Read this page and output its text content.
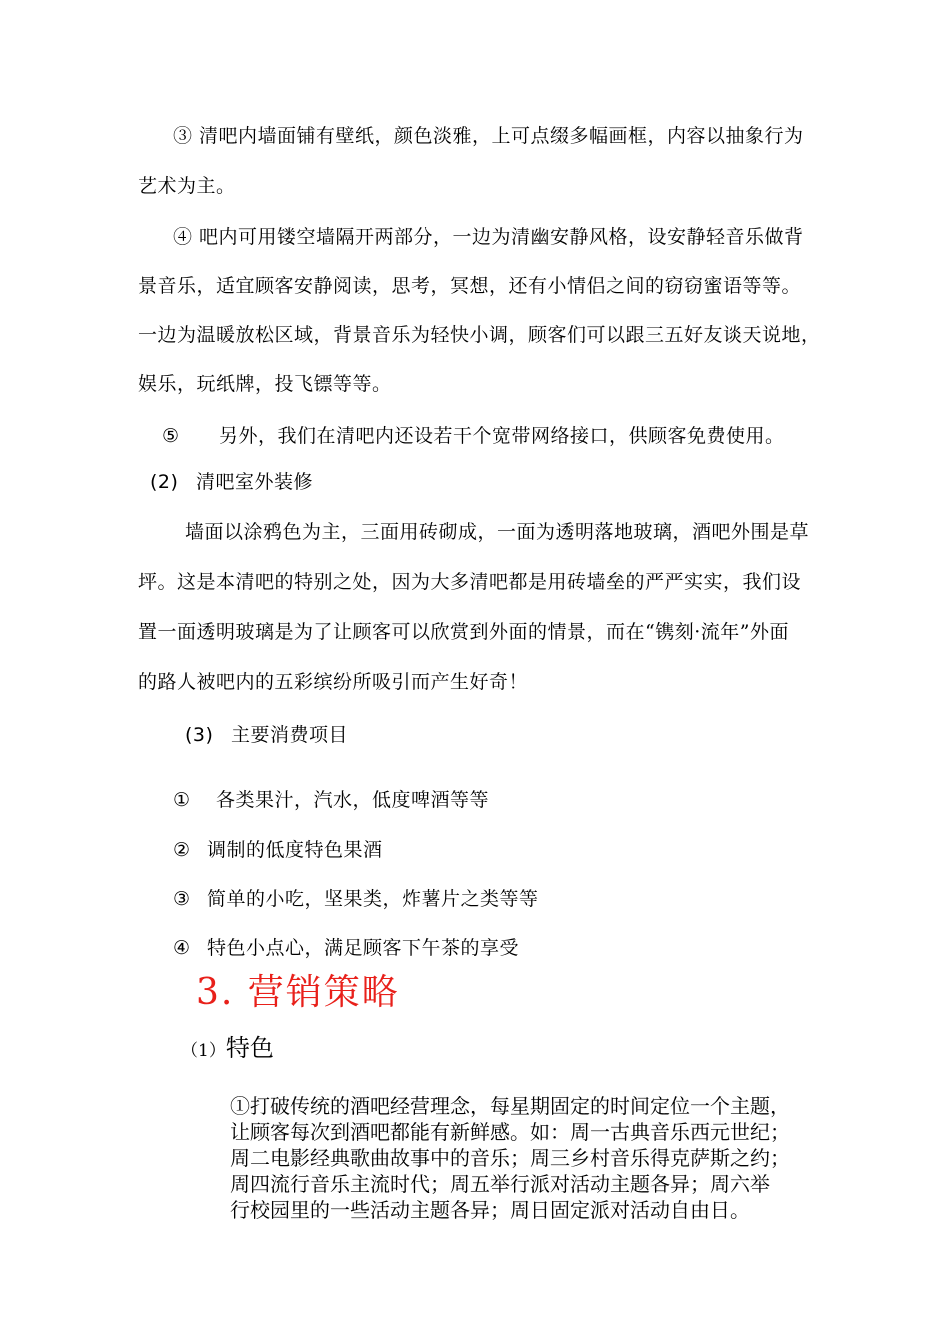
③ 清吧内墙面铺有壁纸，颜色淡雅，上可点缀多幅画框，内容以抽象行为
艺术为主。
④ 吧内可用镂空墙隔开两部分，一边为清幽安静风格，设安静轻音乐做背
景音乐，适宜顾客安静阅读，思考，冥想，还有小情侣之间的窃窃蜜语等等。
一边为温暖放松区域，背景音乐为轻快小调，顾客们可以跟三五好友谈天说地，
娱乐，玩纸牌，投飞镖等等。
⑤ 另外，我们在清吧内还设若干个宽带网络接口，供顾客免费使用。
(2) 清吧室外装修
墙面以涂鸦色为主，三面用砖砌成，一面为透明落地玻璃，酒吧外围是草
坪。这是本清吧的特别之处，因为大多清吧都是用砖墙垒的严严实实，我们设
置一面透明玻璃是为了让顾客可以欣赏到外面的情景，而在“镌刻·流年”外面
的路人被吧内的五彩缤纷所吸引而产生好奇！
(3) 主要消费项目
① 各类果汁，汽水，低度啤酒等等
② 调制的低度特色果酒
③ 简单的小吃，坚果类，炸薯片之类等等
④ 特色小点心，满足顾客下午茶的享受
3. 营销策略
（1）特色
①打破传统的酒吧经营理念，每星期固定的时间定位一个主题，
让顾客每次到酒吧都能有新鲜感。如：周一古典音乐西元世纪；
周二电影经典歌曲故事中的音乐；周三乡村音乐得克萨斯之约；
周四流行音乐主流时代；周五举行派对活动主题各异；周六举
行校园里的一些活动主题各异；周日固定派对活动自由日。
